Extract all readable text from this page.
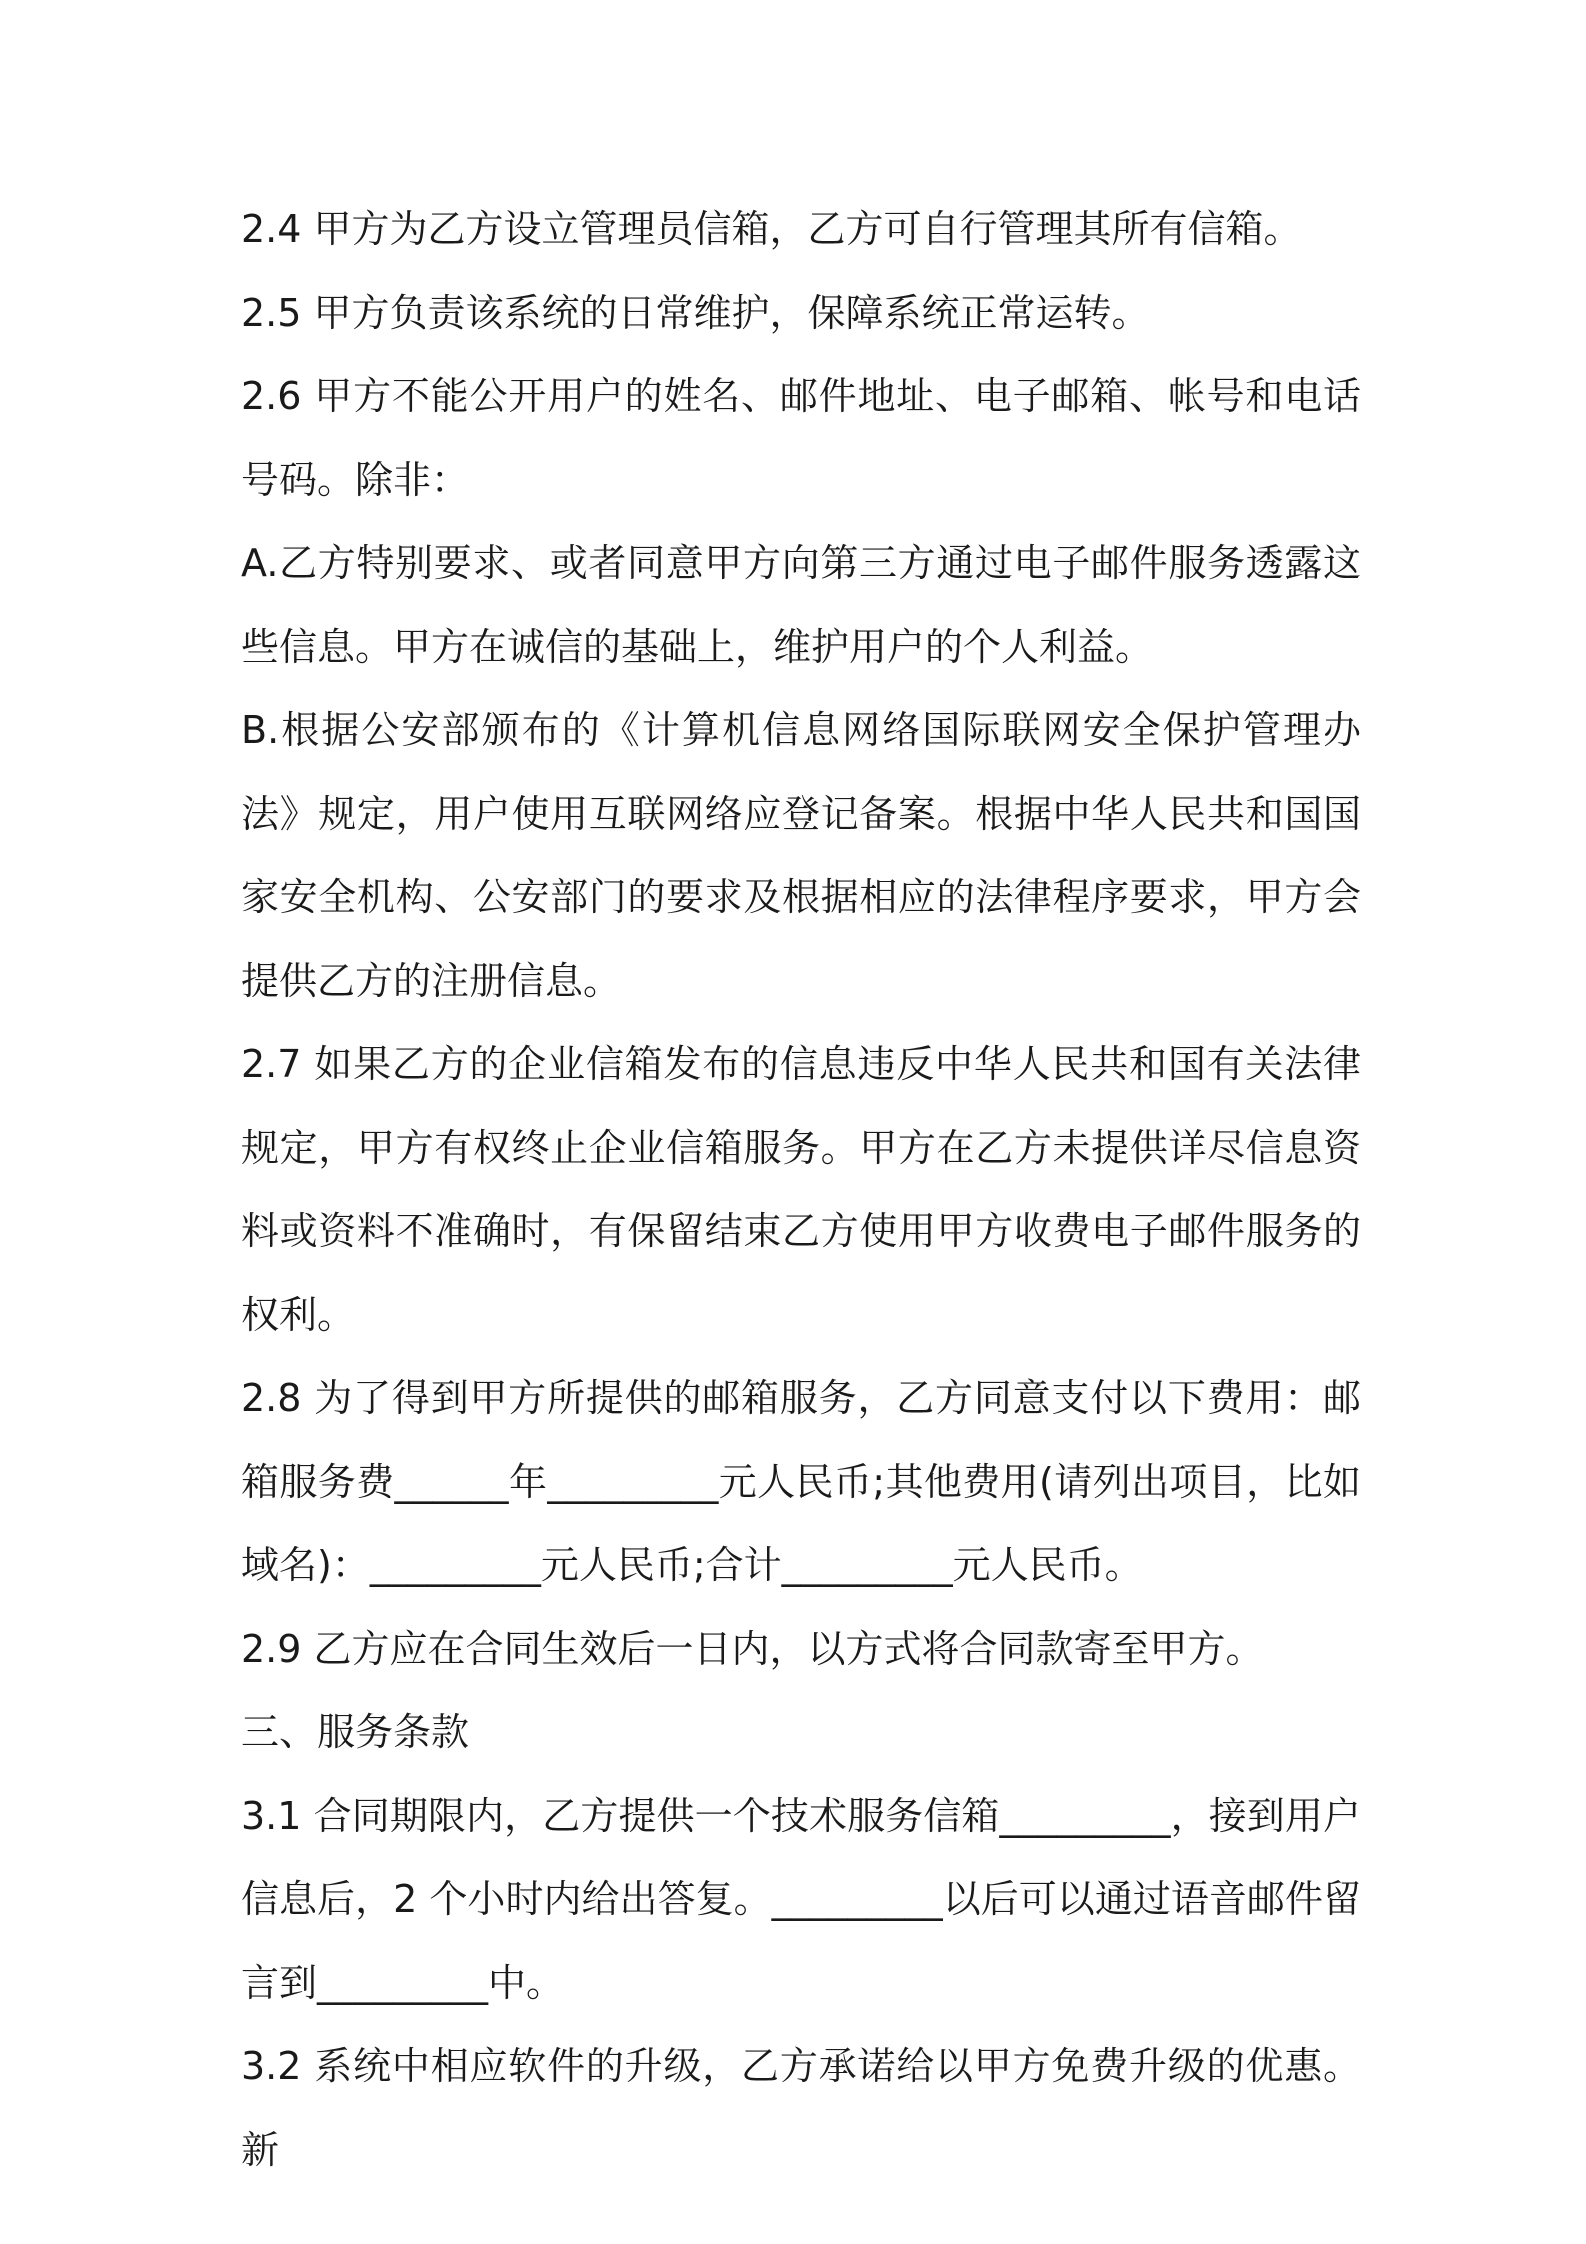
2.4 甲方为乙方设立管理员信箱，乙方可自行管理其所有信箱。

2.5 甲方负责该系统的日常维护，保障系统正常运转。

2.6 甲方不能公开用户的姓名、邮件地址、电子邮箱、帐号和电话号码。除非：

A.乙方特别要求、或者同意甲方向第三方通过电子邮件服务透露这些信息。甲方在诚信的基础上，维护用户的个人利益。

B.根据公安部颁布的《计算机信息网络国际联网安全保护管理办法》规定，用户使用互联网络应登记备案。根据中华人民共和国国家安全机构、公安部门的要求及根据相应的法律程序要求，甲方会提供乙方的注册信息。

2.7 如果乙方的企业信箱发布的信息违反中华人民共和国有关法律规定，甲方有权终止企业信箱服务。甲方在乙方未提供详尽信息资料或资料不准确时，有保留结束乙方使用甲方收费电子邮件服务的权利。

2.8 为了得到甲方所提供的邮箱服务，乙方同意支付以下费用：邮箱服务费______年_________元人民币;其他费用(请列出项目，比如域名)：_________元人民币;合计_________元人民币。

2.9 乙方应在合同生效后一日内，以方式将合同款寄至甲方。

三、服务条款

3.1 合同期限内，乙方提供一个技术服务信箱_________，接到用户信息后，2 个小时内给出答复。_________以后可以通过语音邮件留言到_________中。

3.2 系统中相应软件的升级，乙方承诺给以甲方免费升级的优惠。新
